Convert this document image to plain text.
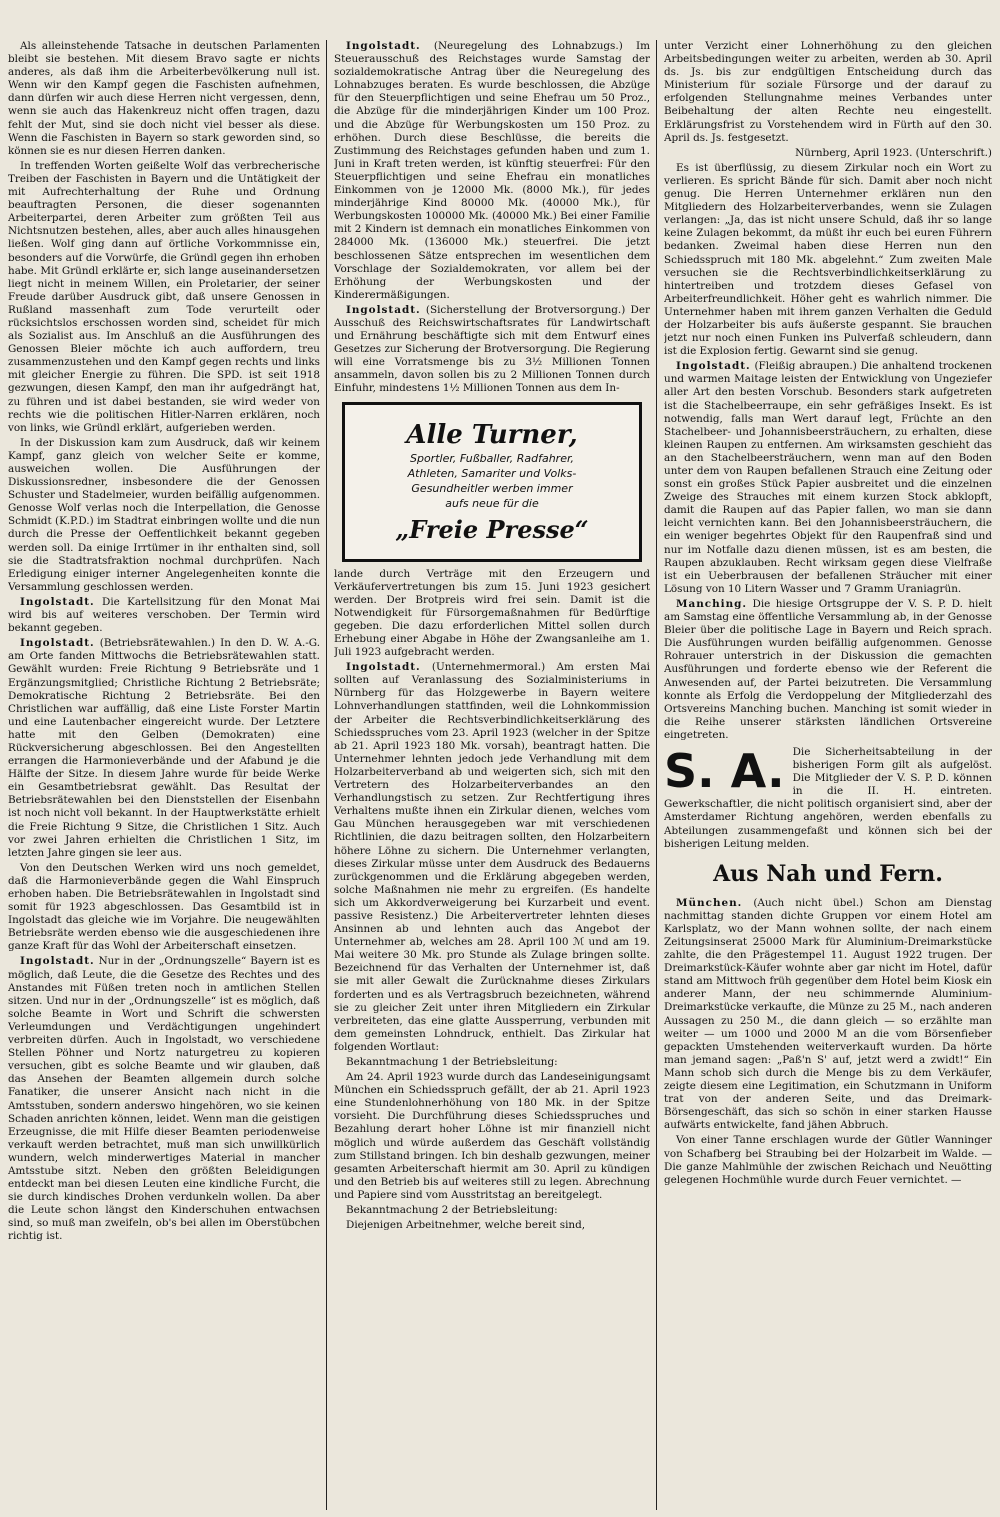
Als alleinstehende Tatsache in deutschen Parlamenten bleibt sie bestehen. Mit diesem Bravo sagte er nichts anderes, als daß ihm die Arbeiterbevölkerung null ist. Wenn wir den Kampf gegen die Faschisten aufnehmen, dann dürfen wir auch diese Herren nicht vergessen, denn, wenn sie auch das Hakenkreuz nicht offen tragen, dazu fehlt der Mut, sind sie doch nicht viel besser als diese. Wenn die Faschisten in Bayern so stark geworden sind, so können sie es nur diesen Herren danken.

In treffenden Worten geißelte Wolf das verbrecherische Treiben der Faschisten in Bayern und die Untätigkeit der mit Aufrechterhaltung der Ruhe und Ordnung beauftragten Personen, die dieser sogenannten Arbeiterpartei, deren Arbeiter zum größten Teil aus Nichtsnutzen bestehen, alles, aber auch alles hinausgehen ließen. Wolf ging dann auf örtliche Vorkommnisse ein, besonders auf die Vorwürfe, die Gründl gegen ihn erhoben habe. Mit Gründl erklärte er, sich lange auseinandersetzen liegt nicht in meinem Willen, ein Proletarier, der seiner Freude darüber Ausdruck gibt, daß unsere Genossen in Rußland massenhaft zum Tode verurteilt oder rücksichtslos erschossen worden sind, scheidet für mich als Sozialist aus. Im Anschluß an die Ausführungen des Genossen Bleier möchte ich auch auffordern, treu zusammenzustehen und den Kampf gegen rechts und links mit gleicher Energie zu führen. Die SPD. ist seit 1918 gezwungen, diesen Kampf, den man ihr aufgedrängt hat, zu führen und ist dabei bestanden, sie wird weder von rechts wie die politischen Hitler-Narren erklären, noch von links, wie Gründl erklärt, aufgerieben werden.

In der Diskussion kam zum Ausdruck, daß wir keinem Kampf, ganz gleich von welcher Seite er komme, ausweichen wollen. Die Ausführungen der Diskussionsredner, insbesondere die der Genossen Schuster und Stadelmeier, wurden beifällig aufgenommen. Genosse Wolf verlas noch die Interpellation, die Genosse Schmidt (K.P.D.) im Stadtrat einbringen wollte und die nun durch die Presse der Oeffentlichkeit bekannt gegeben werden soll. Da einige Irrtümer in ihr enthalten sind, soll sie die Stadtratsfraktion nochmal durchprüfen. Nach Erledigung einiger interner Angelegenheiten konnte die Versammlung geschlossen werden.

Ingolstadt. Die Kartellsitzung für den Monat Mai wird bis auf weiteres verschoben. Der Termin wird bekannt gegeben.

Ingolstadt. (Betriebsrätewahlen.) In den D. W. A.-G. am Orte fanden Mittwochs die Betriebsrätewahlen statt. Gewählt wurden: Freie Richtung 9 Betriebsräte und 1 Ergänzungsmitglied; Christliche Richtung 2 Betriebsräte; Demokratische Richtung 2 Betriebsräte. Bei den Christlichen war auffällig, daß eine Liste Forster Martin und eine Lautenbacher eingereicht wurde. Der Letztere hatte mit den Gelben (Demokraten) eine Rückversicherung abgeschlossen. Bei den Angestellten errangen die Harmonieverbände und der Afabund je die Hälfte der Sitze. In diesem Jahre wurde für beide Werke ein Gesamtbetriebsrat gewählt. Das Resultat der Betriebsrätewahlen bei den Dienststellen der Eisenbahn ist noch nicht voll bekannt. In der Hauptwerkstätte erhielt die Freie Richtung 9 Sitze, die Christlichen 1 Sitz. Auch vor zwei Jahren erhielten die Christlichen 1 Sitz, im letzten Jahre gingen sie leer aus.

Von den Deutschen Werken wird uns noch gemeldet, daß die Harmonieverbände gegen die Wahl Einspruch erhoben haben. Die Betriebsrätewahlen in Ingolstadt sind somit für 1923 abgeschlossen. Das Gesamtbild ist in Ingolstadt das gleiche wie im Vorjahre. Die neugewählten Betriebsräte werden ebenso wie die ausgeschiedenen ihre ganze Kraft für das Wohl der Arbeiterschaft einsetzen.

Ingolstadt. Nur in der „Ordnungszelle“ Bayern ist es möglich, daß Leute, die die Gesetze des Rechtes und des Anstandes mit Füßen treten noch in amtlichen Stellen sitzen. Und nur in der „Ordnungszelle“ ist es möglich, daß solche Beamte in Wort und Schrift die schwersten Verleumdungen und Verdächtigungen ungehindert verbreiten dürfen. Auch in Ingolstadt, wo verschiedene Stellen Pöhner und Nortz naturgetreu zu kopieren versuchen, gibt es solche Beamte und wir glauben, daß das Ansehen der Beamten allgemein durch solche Fanatiker, die unserer Ansicht nach nicht in die Amtsstuben, sondern anderswo hingehören, wo sie keinen Schaden anrichten können, leidet. Wenn man die geistigen Erzeugnisse, die mit Hilfe dieser Beamten periodenweise verkauft werden betrachtet, muß man sich unwillkürlich wundern, welch minderwertiges Material in mancher Amtsstube sitzt. Neben den größten Beleidigungen entdeckt man bei diesen Leuten eine kindliche Furcht, die sie durch kindisches Drohen verdunkeln wollen. Da aber die Leute schon längst den Kinderschuhen entwachsen sind, so muß man zweifeln, ob's bei allen im Oberstübchen richtig ist.

Ingolstadt. (Neuregelung des Lohnabzugs.) Im Steuerausschuß des Reichstages wurde Samstag der sozialdemokratische Antrag über die Neuregelung des Lohnabzuges beraten. Es wurde beschlossen, die Abzüge für den Steuerpflichtigen und seine Ehefrau um 50 Proz., die Abzüge für die minderjährigen Kinder um 100 Proz. und die Abzüge für Werbungskosten um 150 Proz. zu erhöhen. Durch diese Beschlüsse, die bereits die Zustimmung des Reichstages gefunden haben und zum 1. Juni in Kraft treten werden, ist künftig steuerfrei: Für den Steuerpflichtigen und seine Ehefrau ein monatliches Einkommen von je 12000 Mk. (8000 Mk.), für jedes minderjährige Kind 80000 Mk. (40000 Mk.), für Werbungskosten 100000 Mk. (40000 Mk.) Bei einer Familie mit 2 Kindern ist demnach ein monatliches Einkommen von 284000 Mk. (136000 Mk.) steuerfrei. Die jetzt beschlossenen Sätze entsprechen im wesentlichen dem Vorschlage der Sozialdemokraten, vor allem bei der Erhöhung der Werbungskosten und der Kinderermäßigungen.

Ingolstadt. (Sicherstellung der Brotversorgung.) Der Ausschuß des Reichswirtschaftsrates für Landwirtschaft und Ernährung beschäftigte sich mit dem Entwurf eines Gesetzes zur Sicherung der Brotversorgung. Die Regierung will eine Vorratsmenge bis zu 3½ Millionen Tonnen ansammeln, davon sollen bis zu 2 Millionen Tonnen durch Einfuhr, mindestens 1½ Millionen Tonnen aus dem In-

Alle Turner,
Sportler, Fußballer, Radfahrer,
Athleten, Samariter und Volks-
Gesundheitler werben immer
aufs neue für die
„Freie Presse“

lande durch Verträge mit den Erzeugern und Verkäufervertretungen bis zum 15. Juni 1923 gesichert werden. Der Brotpreis wird frei sein. Damit ist die Notwendigkeit für Fürsorgemaßnahmen für Bedürftige gegeben. Die dazu erforderlichen Mittel sollen durch Erhebung einer Abgabe in Höhe der Zwangsanleihe am 1. Juli 1923 aufgebracht werden.

Ingolstadt. (Unternehmermoral.) Am ersten Mai sollten auf Veranlassung des Sozialministeriums in Nürnberg für das Holzgewerbe in Bayern weitere Lohnverhandlungen stattfinden, weil die Lohnkommission der Arbeiter die Rechtsverbindlichkeitserklärung des Schiedsspruches vom 23. April 1923 (welcher in der Spitze ab 21. April 1923 180 Mk. vorsah), beantragt hatten. Die Unternehmer lehnten jedoch jede Verhandlung mit dem Holzarbeiterverband ab und weigerten sich, sich mit den Vertretern des Holzarbeiterverbandes an den Verhandlungstisch zu setzen. Zur Rechtfertigung ihres Verhaltens mußte ihnen ein Zirkular dienen, welches vom Gau München herausgegeben war mit verschiedenen Richtlinien, die dazu beitragen sollten, den Holzarbeitern höhere Löhne zu sichern. Die Unternehmer verlangten, dieses Zirkular müsse unter dem Ausdruck des Bedauerns zurückgenommen und die Erklärung abgegeben werden, solche Maßnahmen nie mehr zu ergreifen. (Es handelte sich um Akkordverweigerung bei Kurzarbeit und event. passive Resistenz.) Die Arbeitervertreter lehnten dieses Ansinnen ab und lehnten auch das Angebot der Unternehmer ab, welches am 28. April 100 ℳ und am 19. Mai weitere 30 Mk. pro Stunde als Zulage bringen sollte. Bezeichnend für das Verhalten der Unternehmer ist, daß sie mit aller Gewalt die Zurücknahme dieses Zirkulars forderten und es als Vertragsbruch bezeichneten, während sie zu gleicher Zeit unter ihren Mitgliedern ein Zirkular verbreiteten, das eine glatte Aussperrung, verbunden mit dem gemeinsten Lohndruck, enthielt. Das Zirkular hat folgenden Wortlaut:

Bekanntmachung 1 der Betriebsleitung:

Am 24. April 1923 wurde durch das Landeseinigungsamt München ein Schiedsspruch gefällt, der ab 21. April 1923 eine Stundenlohnerhöhung von 180 Mk. in der Spitze vorsieht. Die Durchführung dieses Schiedsspruches und Bezahlung derart hoher Löhne ist mir finanziell nicht möglich und würde außerdem das Geschäft vollständig zum Stillstand bringen. Ich bin deshalb gezwungen, meiner gesamten Arbeiterschaft hiermit am 30. April zu kündigen und den Betrieb bis auf weiteres still zu legen. Abrechnung und Papiere sind vom Ausstritstag an bereitgelegt.

Bekanntmachung 2 der Betriebsleitung:

Diejenigen Arbeitnehmer, welche bereit sind,

unter Verzicht einer Lohnerhöhung zu den gleichen Arbeitsbedingungen weiter zu arbeiten, werden ab 30. April ds. Js. bis zur endgültigen Entscheidung durch das Ministerium für soziale Fürsorge und der darauf zu erfolgenden Stellungnahme meines Verbandes unter Beibehaltung der alten Rechte neu eingestellt. Erklärungsfrist zu Vorstehendem wird in Fürth auf den 30. April ds. Js. festgesetzt.

Nürnberg, April 1923. (Unterschrift.)

Es ist überflüssig, zu diesem Zirkular noch ein Wort zu verlieren. Es spricht Bände für sich. Damit aber noch nicht genug. Die Herren Unternehmer erklären nun den Mitgliedern des Holzarbeiterverbandes, wenn sie Zulagen verlangen: „Ja, das ist nicht unsere Schuld, daß ihr so lange keine Zulagen bekommt, da müßt ihr euch bei euren Führern bedanken. Zweimal haben diese Herren nun den Schiedsspruch mit 180 Mk. abgelehnt.“ Zum zweiten Male versuchen sie die Rechtsverbindlichkeitserklärung zu hintertreiben und trotzdem dieses Gefasel von Arbeiterfreundlichkeit. Höher geht es wahrlich nimmer. Die Unternehmer haben mit ihrem ganzen Verhalten die Geduld der Holzarbeiter bis aufs äußerste gespannt. Sie brauchen jetzt nur noch einen Funken ins Pulverfaß schleudern, dann ist die Explosion fertig. Gewarnt sind sie genug.

Ingolstadt. (Fleißig abraupen.) Die anhaltend trockenen und warmen Maitage leisten der Entwicklung von Ungeziefer aller Art den besten Vorschub. Besonders stark aufgetreten ist die Stachelbeerraupe, ein sehr gefräßiges Insekt. Es ist notwendig, falls man Wert darauf legt, Früchte an den Stachelbeer- und Johannisbeersträuchern, zu erhalten, diese kleinen Raupen zu entfernen. Am wirksamsten geschieht das an den Stachelbeersträuchern, wenn man auf den Boden unter dem von Raupen befallenen Strauch eine Zeitung oder sonst ein großes Stück Papier ausbreitet und die einzelnen Zweige des Strauches mit einem kurzen Stock abklopft, damit die Raupen auf das Papier fallen, wo man sie dann leicht vernichten kann. Bei den Johannisbeersträuchern, die ein weniger begehrtes Objekt für den Raupenfraß sind und nur im Notfalle dazu dienen müssen, ist es am besten, die Raupen abzuklauben. Recht wirksam gegen diese Vielfraße ist ein Ueberbrausen der befallenen Sträucher mit einer Lösung von 10 Litern Wasser und 7 Gramm Uraniagrün.

Manching. Die hiesige Ortsgruppe der V. S. P. D. hielt am Samstag eine öffentliche Versammlung ab, in der Genosse Bleier über die politische Lage in Bayern und Reich sprach. Die Ausführungen wurden beifällig aufgenommen. Genosse Rohrauer unterstrich in der Diskussion die gemachten Ausführungen und forderte ebenso wie der Referent die Anwesenden auf, der Partei beizutreten. Die Versammlung konnte als Erfolg die Verdoppelung der Mitgliederzahl des Ortsvereins Manching buchen. Manching ist somit wieder in die Reihe unserer stärksten ländlichen Ortsvereine eingetreten.

S. A. Die Sicherheitsabteilung in der bisherigen Form gilt als aufgelöst. Die Mitglieder der V. S. P. D. können in die II. H. eintreten. Gewerkschaftler, die nicht politisch organisiert sind, aber der Amsterdamer Richtung angehören, werden ebenfalls zu Abteilungen zusammengefaßt und können sich bei der bisherigen Leitung melden.
Aus Nah und Fern.

München. (Auch nicht übel.) Schon am Dienstag nachmittag standen dichte Gruppen vor einem Hotel am Karlsplatz, wo der Mann wohnen sollte, der nach einem Zeitungsinserat 25000 Mark für Aluminium-Dreimarkstücke zahlte, die den Prägestempel 11. August 1922 trugen. Der Dreimarkstück-Käufer wohnte aber gar nicht im Hotel, dafür stand am Mittwoch früh gegenüber dem Hotel beim Kiosk ein anderer Mann, der neu schimmernde Aluminium-Dreimarkstücke verkaufte, die Münze zu 25 M., nach anderen Aussagen zu 250 M., die dann gleich — so erzählte man weiter — um 1000 und 2000 M an die vom Börsenfieber gepackten Umstehenden weiterverkauft wurden. Da hörte man jemand sagen: „Paß'n S' auf, jetzt werd a zwidt!“ Ein Mann schob sich durch die Menge bis zu dem Verkäufer, zeigte diesem eine Legitimation, ein Schutzmann in Uniform trat von der anderen Seite, und das Dreimark-Börsengeschäft, das sich so schön in einer starken Hausse aufwärts entwickelte, fand jähen Abbruch.

Von einer Tanne erschlagen wurde der Gütler Wanninger von Schafberg bei Straubing bei der Holzarbeit im Walde. — Die ganze Mahlmühle der zwischen Reichach und Neuötting gelegenen Hochmühle wurde durch Feuer vernichtet. —
